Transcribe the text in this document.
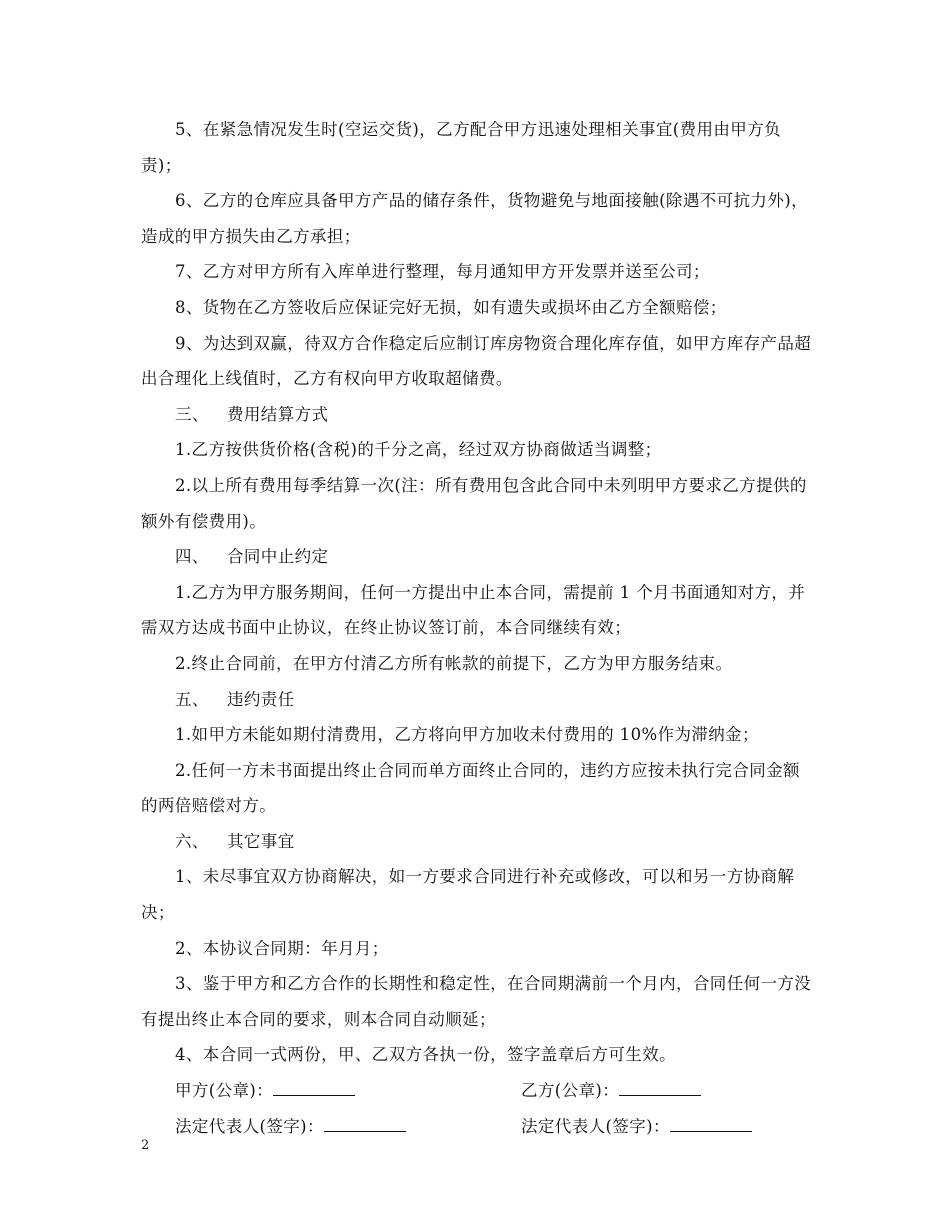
5、在紧急情况发生时(空运交货)，乙方配合甲方迅速处理相关事宜(费用由甲方负责)；

6、乙方的仓库应具备甲方产品的储存条件，货物避免与地面接触(除遇不可抗力外)，造成的甲方损失由乙方承担；

7、乙方对甲方所有入库单进行整理，每月通知甲方开发票并送至公司；

8、货物在乙方签收后应保证完好无损，如有遗失或损坏由乙方全额赔偿；

9、为达到双赢，待双方合作稳定后应制订库房物资合理化库存值，如甲方库存产品超出合理化上线值时，乙方有权向甲方收取超储费。

三、 费用结算方式

1.乙方按供货价格(含税)的千分之高，经过双方协商做适当调整；

2.以上所有费用每季结算一次(注：所有费用包含此合同中未列明甲方要求乙方提供的额外有偿费用)。

四、 合同中止约定

1.乙方为甲方服务期间，任何一方提出中止本合同，需提前 1 个月书面通知对方，并需双方达成书面中止协议，在终止协议签订前，本合同继续有效；

2.终止合同前，在甲方付清乙方所有帐款的前提下，乙方为甲方服务结束。

五、 违约责任

1.如甲方未能如期付清费用，乙方将向甲方加收未付费用的 10%作为滞纳金；

2.任何一方未书面提出终止合同而单方面终止合同的，违约方应按未执行完合同金额的两倍赔偿对方。

六、 其它事宜

1、未尽事宜双方协商解决，如一方要求合同进行补充或修改，可以和另一方协商解决；

2、本协议合同期：年月月；

3、鉴于甲方和乙方合作的长期性和稳定性，在合同期满前一个月内，合同任何一方没有提出终止本合同的要求，则本合同自动顺延；

4、本合同一式两份，甲、乙双方各执一份，签字盖章后方可生效。

甲方(公章)：	乙方(公章)：
法定代表人(签字)：	法定代表人(签字)：
2
